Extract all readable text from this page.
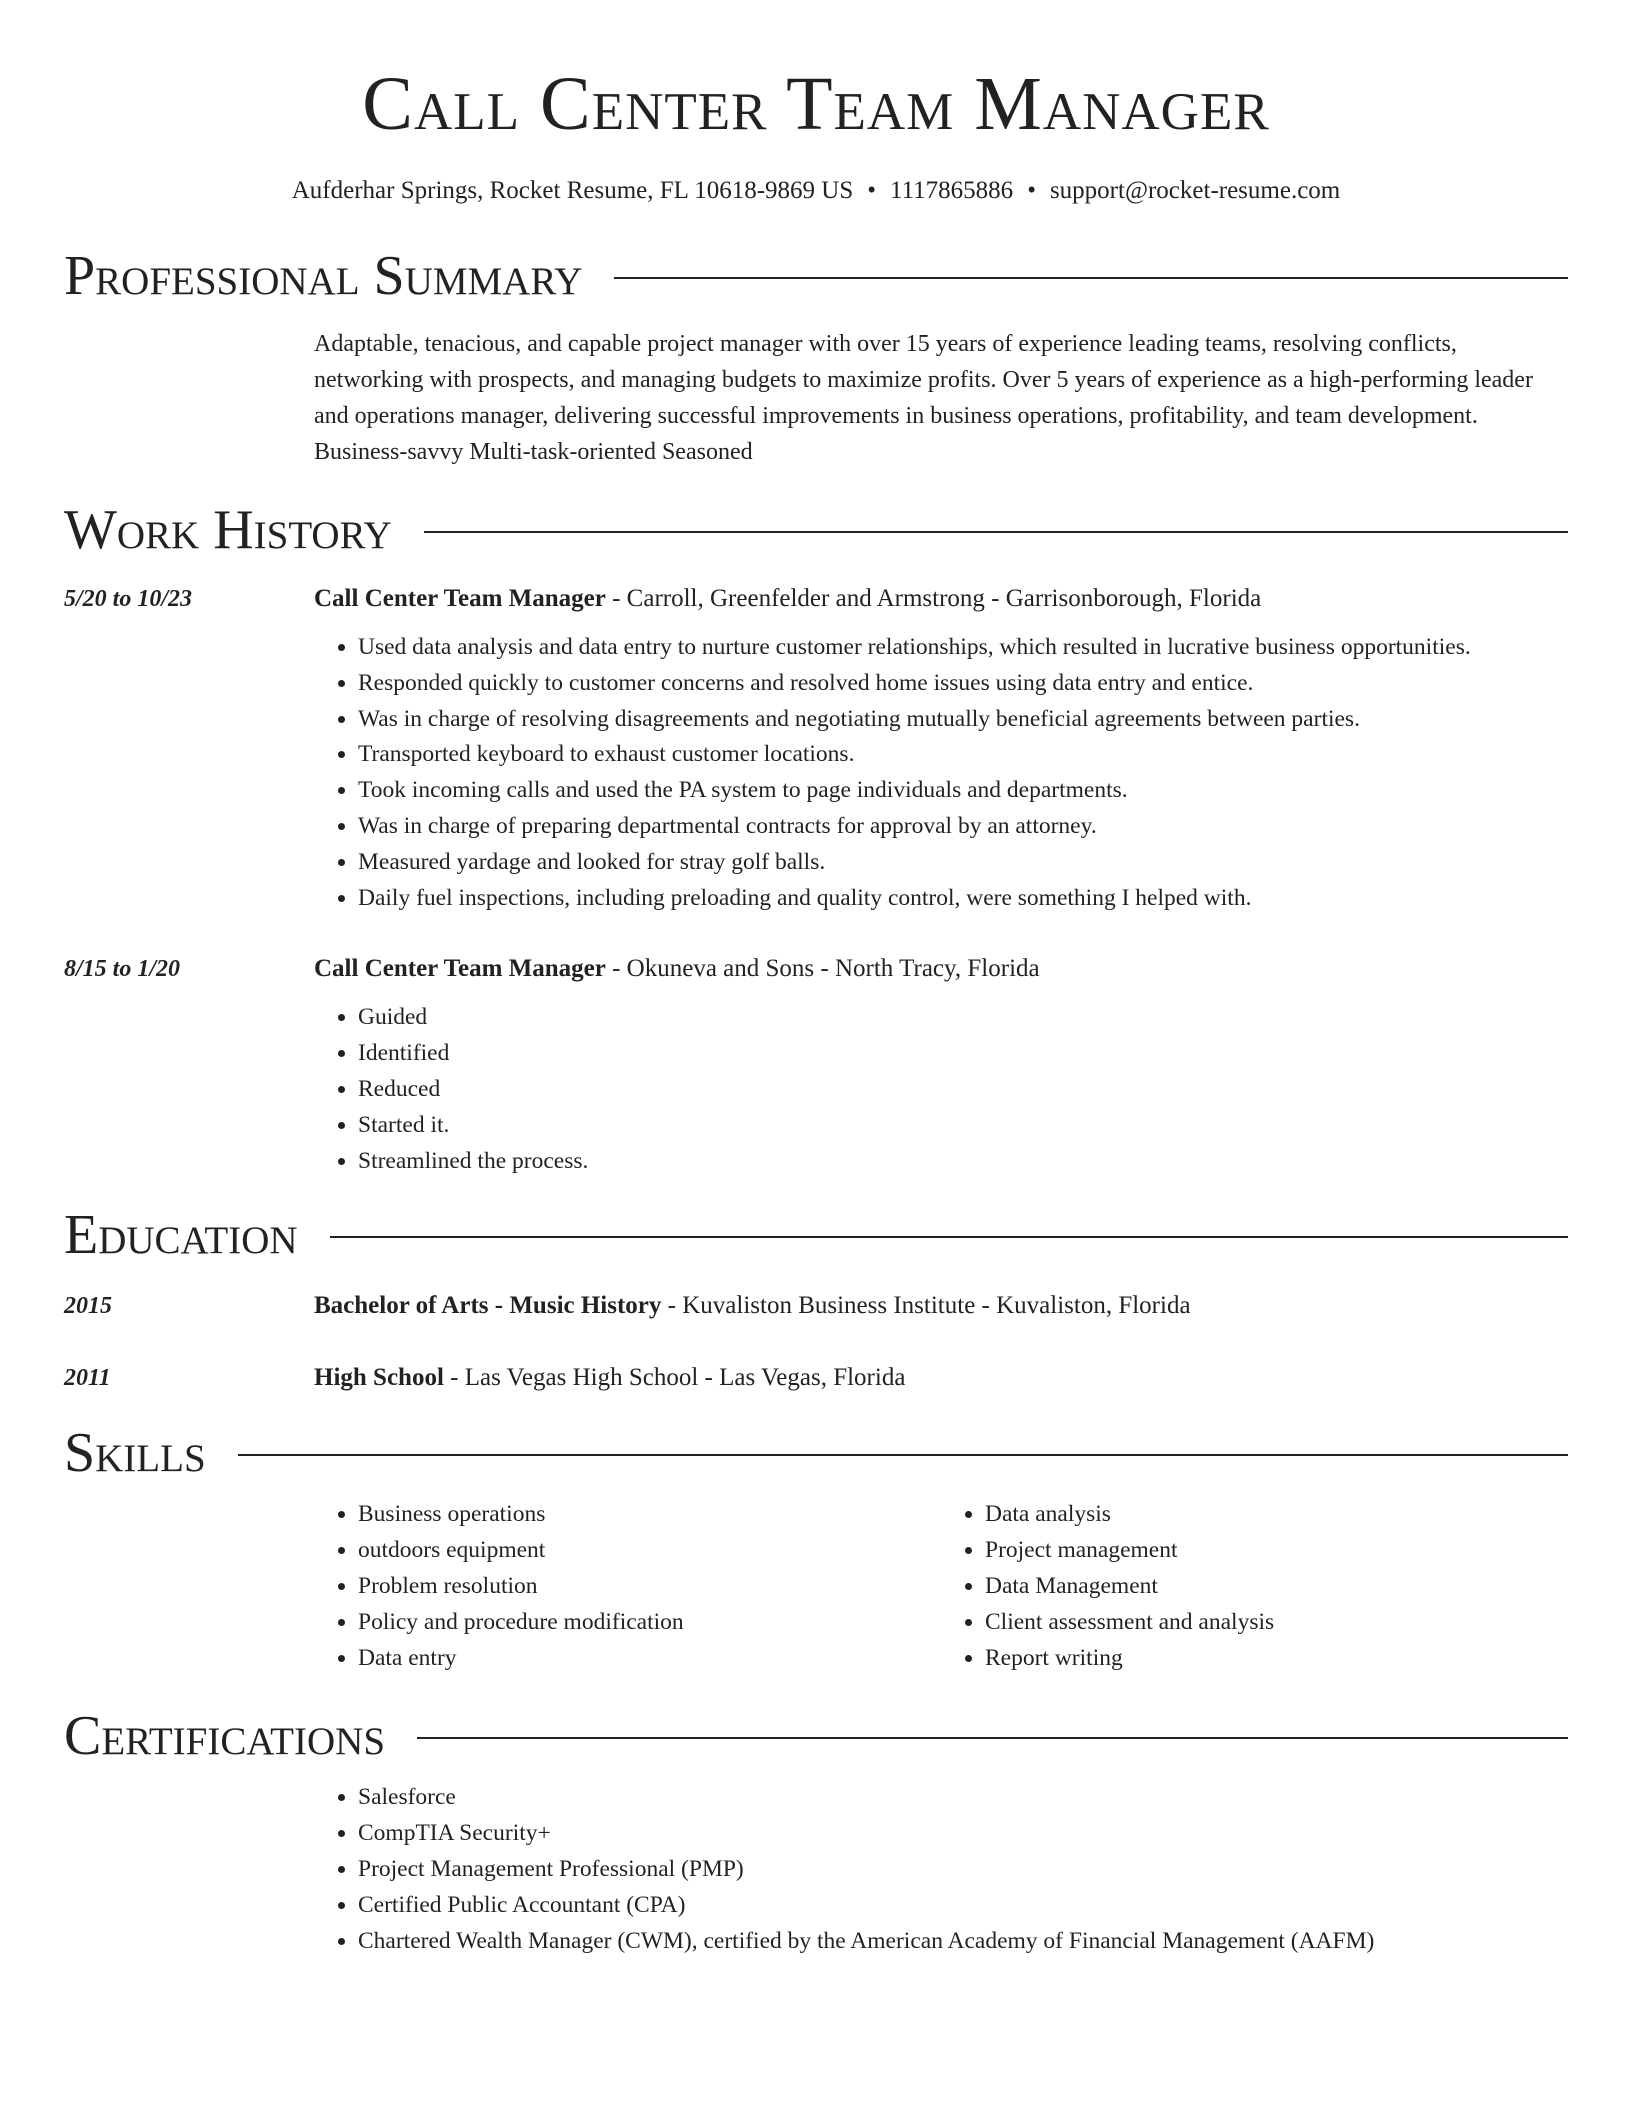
Call Center Team Manager
Aufderhar Springs, Rocket Resume, FL 10618-9869 US • 1117865886 • support@rocket-resume.com
Professional Summary
Adaptable, tenacious, and capable project manager with over 15 years of experience leading teams, resolving conflicts, networking with prospects, and managing budgets to maximize profits. Over 5 years of experience as a high-performing leader and operations manager, delivering successful improvements in business operations, profitability, and team development. Business-savvy Multi-task-oriented Seasoned
Work History
5/20 to 10/23	Call Center Team Manager - Carroll, Greenfelder and Armstrong - Garrisonborough, Florida
• Used data analysis and data entry to nurture customer relationships, which resulted in lucrative business opportunities.
• Responded quickly to customer concerns and resolved home issues using data entry and entice.
• Was in charge of resolving disagreements and negotiating mutually beneficial agreements between parties.
• Transported keyboard to exhaust customer locations.
• Took incoming calls and used the PA system to page individuals and departments.
• Was in charge of preparing departmental contracts for approval by an attorney.
• Measured yardage and looked for stray golf balls.
• Daily fuel inspections, including preloading and quality control, were something I helped with.
8/15 to 1/20	Call Center Team Manager - Okuneva and Sons - North Tracy, Florida
• Guided
• Identified
• Reduced
• Started it.
• Streamlined the process.
Education
2015	Bachelor of Arts - Music History - Kuvaliston Business Institute - Kuvaliston, Florida
2011	High School - Las Vegas High School - Las Vegas, Florida
Skills
• Business operations
• outdoors equipment
• Problem resolution
• Policy and procedure modification
• Data entry
• Data analysis
• Project management
• Data Management
• Client assessment and analysis
• Report writing
Certifications
• Salesforce
• CompTIA Security+
• Project Management Professional (PMP)
• Certified Public Accountant (CPA)
• Chartered Wealth Manager (CWM), certified by the American Academy of Financial Management (AAFM)
